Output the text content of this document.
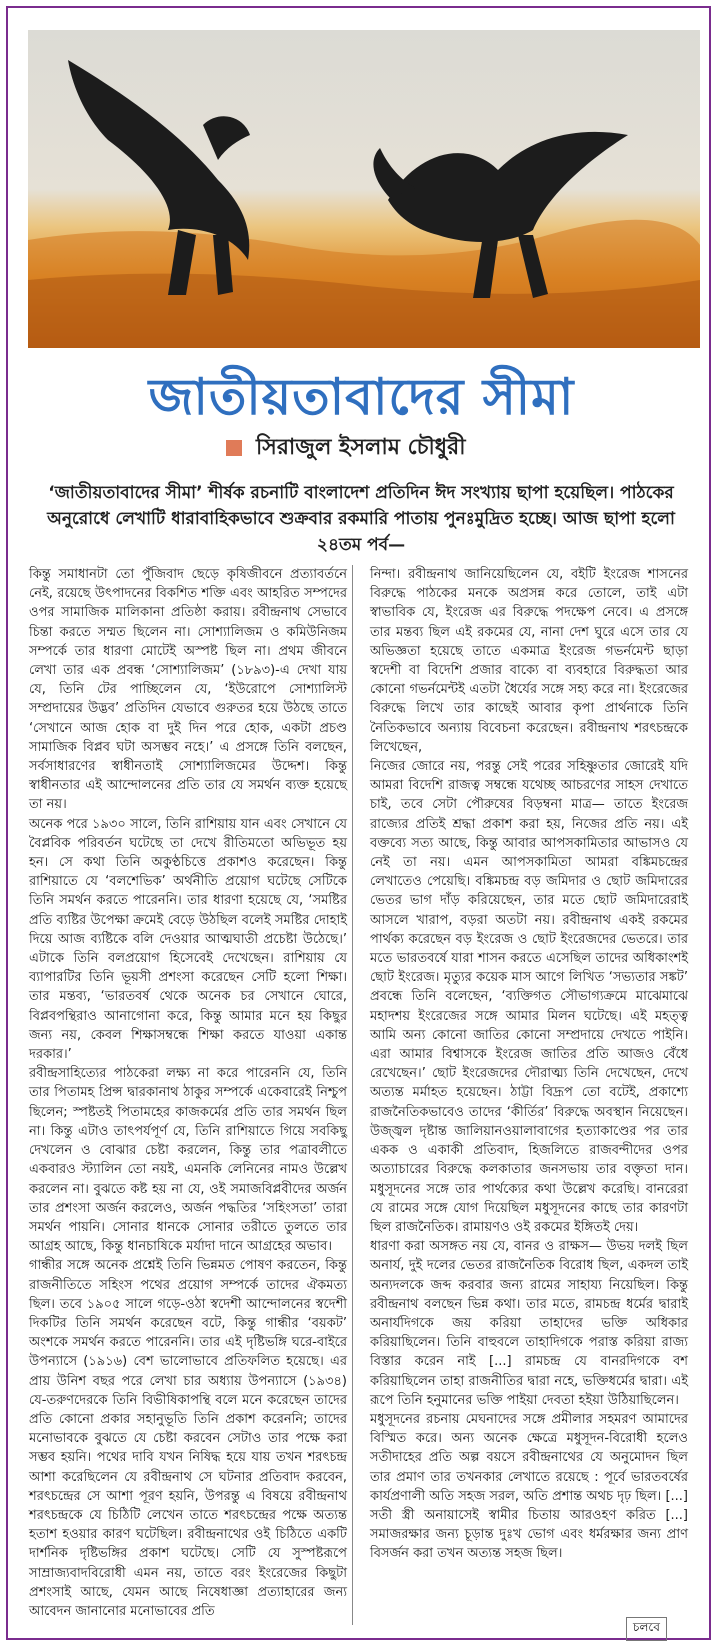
জাতীয়তাবাদের সীমা
সিরাজুল ইসলাম চৌধুরী
‘জাতীয়তাবাদের সীমা’ শীর্ষক রচনাটি বাংলাদেশ প্রতিদিন ঈদ সংখ্যায় ছাপা হয়েছিল। পাঠকের অনুরোধে লেখাটি ধারাবাহিকভাবে শুক্রবার রকমারি পাতায় পুনঃমুদ্রিত হচ্ছে। আজ ছাপা হলো ২৪তম পর্ব—

কিন্তু সমাধানটা তো পুঁজিবাদ ছেড়ে কৃষিজীবনে প্রত্যাবর্তনে নেই, রয়েছে উৎপাদনের বিকশিত শক্তি এবং আহরিত সম্পদের ওপর সামাজিক মালিকানা প্রতিষ্ঠা করায়। রবীন্দ্রনাথ সেভাবে চিন্তা করতে সম্মত ছিলেন না। সোশ্যালিজম ও কমিউনিজম সম্পর্কে তার ধারণা মোটেই অস্পষ্ট ছিল না। প্রথম জীবনে লেখা তার এক প্রবন্ধ ‘সোশ্যালিজম’ (১৮৯৩)-এ দেখা যায় যে, তিনি টের পাচ্ছিলেন যে, ‘ইউরোপে সোশ্যালিস্ট সম্প্রদায়ের উদ্ভব’ প্রতিদিন যেভাবে গুরুতর হয়ে উঠছে তাতে ‘সেখানে আজ হোক বা দুই দিন পরে হোক, একটা প্রচণ্ড সামাজিক বিপ্লব ঘটা অসম্ভব নহে।’ এ প্রসঙ্গে তিনি বলছেন, সর্বসাধারণের স্বাধীনতাই সোশ্যালিজমের উদ্দেশ। কিন্তু স্বাধীনতার এই আন্দোলনের প্রতি তার যে সমর্থন ব্যক্ত হয়েছে তা নয়।

অনেক পরে ১৯৩০ সালে, তিনি রাশিয়ায় যান এবং সেখানে যে বৈপ্লবিক পরিবর্তন ঘটেছে তা দেখে রীতিমতো অভিভূত হয় হন। সে কথা তিনি অকুণ্ঠচিত্তে প্রকাশও করেছেন। কিন্তু রাশিয়াতে যে ‘বলশেভিক’ অর্থনীতি প্রয়োগ ঘটেছে সেটিকে তিনি সমর্থন করতে পারেননি। তার ধারণা হয়েছে যে, ‘সমষ্টির প্রতি ব্যষ্টির উপেক্ষা ক্রমেই বেড়ে উঠছিল বলেই সমষ্টির দোহাই দিয়ে আজ ব্যষ্টিকে বলি দেওয়ার আত্মঘাতী প্রচেষ্টা উঠেছে।’ এটাকে তিনি বলপ্রয়োগ হিসেবেই দেখেছেন। রাশিয়ায় যে ব্যাপারটির তিনি ভূয়সী প্রশংসা করেছেন সেটি হলো শিক্ষা। তার মন্তব্য, ‘ভারতবর্ষ থেকে অনেক চর সেখানে ঘোরে, বিপ্লবপন্থিরাও আনাগোনা করে, কিন্তু আমার মনে হয় কিছুর জন্য নয়, কেবল শিক্ষাসম্বন্ধে শিক্ষা করতে যাওয়া একান্ত দরকার।’

রবীন্দ্রসাহিত্যের পাঠকেরা লক্ষ্য না করে পারেননি যে, তিনি তার পিতামহ প্রিন্স দ্বারকানাথ ঠাকুর সম্পর্কে একেবারেই নিশ্চুপ ছিলেন; স্পষ্টতই পিতামহের কাজকর্মের প্রতি তার সমর্থন ছিল না। কিন্তু এটাও তাৎপর্যপূর্ণ যে, তিনি রাশিয়াতে গিয়ে সবকিছু দেখলেন ও বোঝার চেষ্টা করলেন, কিন্তু তার পত্রাবলীতে একবারও স্ট্যালিন তো নয়ই, এমনকি লেনিনের নামও উল্লেখ করলেন না। বুঝতে কষ্ট হয় না যে, ওই সমাজবিপ্লবীদের অর্জন তার প্রশংসা অর্জন করলেও, অর্জন পদ্ধতির ‘সহিংসতা’ তারা সমর্থন পায়নি। সোনার ধানকে সোনার তরীতে তুলতে তার আগ্রহ আছে, কিন্তু ধানচাষিকে মর্যাদা দানে আগ্রহের অভাব।

গান্ধীর সঙ্গে অনেক প্রশ্নেই তিনি ভিন্নমত পোষণ করতেন, কিন্তু রাজনীতিতে সহিংস পথের প্রয়োগ সম্পর্কে তাদের ঐকমত্য ছিল। তবে ১৯০৫ সালে গড়ে-ওঠা স্বদেশী আন্দোলনের স্বদেশী দিকটির তিনি সমর্থন করেছেন বটে, কিন্তু গান্ধীর ‘বয়কট’ অংশকে সমর্থন করতে পারেননি। তার এই দৃষ্টিভঙ্গি ঘরে-বাইরে উপন্যাসে (১৯১৬) বেশ ভালোভাবে প্রতিফলিত হয়েছে। এর প্রায় উনিশ বছর পরে লেখা চার অধ্যায় উপন্যাসে (১৯৩৪) যে-তরুণদেরকে তিনি বিভীষিকাপন্থি বলে মনে করেছেন তাদের প্রতি কোনো প্রকার সহানুভূতি তিনি প্রকাশ করেননি; তাদের মনোভাবকে বুঝতে যে চেষ্টা করবেন সেটাও তার পক্ষে করা সম্ভব হয়নি। পথের দাবি যখন নিষিদ্ধ হয়ে যায় তখন শরৎচন্দ্র আশা করেছিলেন যে রবীন্দ্রনাথ সে ঘটনার প্রতিবাদ করবেন, শরৎচন্দ্রের সে আশা পূরণ হয়নি, উপরন্তু এ বিষয়ে রবীন্দ্রনাথ শরৎচন্দ্রকে যে চিঠিটি লেখেন তাতে শরৎচন্দ্রের পক্ষে অত্যন্ত হতাশ হওয়ার কারণ ঘটেছিল। রবীন্দ্রনাথের ওই চিঠিতে একটি দার্শনিক দৃষ্টিভঙ্গির প্রকাশ ঘটেছে। সেটি যে সুস্পষ্টরূপে সাম্রাজ্যবাদবিরোধী এমন নয়, তাতে বরং ইংরেজের কিছুটা প্রশংসাই আছে, যেমন আছে নিষেধাজ্ঞা প্রত্যাহারের জন্য আবেদন জানানোর মনোভাবের প্রতি

নিন্দা। রবীন্দ্রনাথ জানিয়েছিলেন যে, বইটি ইংরেজ শাসনের বিরুদ্ধে পাঠকের মনকে অপ্রসন্ন করে তোলে, তাই এটা স্বাভাবিক যে, ইংরেজ এর বিরুদ্ধে পদক্ষেপ নেবে। এ প্রসঙ্গে তার মন্তব্য ছিল এই রকমের যে, নানা দেশ ঘুরে এসে তার যে অভিজ্ঞতা হয়েছে তাতে একমাত্র ইংরেজ গভর্নমেন্ট ছাড়া স্বদেশী বা বিদেশি প্রজার বাক্যে বা ব্যবহারে বিরুদ্ধতা আর কোনো গভর্নমেন্টই এতটা ধৈর্যের সঙ্গে সহ্য করে না। ইংরেজের বিরুদ্ধে লিখে তার কাছেই আবার কৃপা প্রার্থনাকে তিনি নৈতিকভাবে অন্যায় বিবেচনা করেছেন। রবীন্দ্রনাথ শরৎচন্দ্রকে লিখেছেন,

নিজের জোরে নয়, পরন্তু সেই পরের সহিষ্ণুতার জোরেই যদি আমরা বিদেশি রাজত্ব সম্বন্ধে যথেচ্ছ আচরণের সাহস দেখাতে চাই, তবে সেটা পৌরুষের বিড়ম্বনা মাত্র— তাতে ইংরেজ রাজ্যের প্রতিই শ্রদ্ধা প্রকাশ করা হয়, নিজের প্রতি নয়। এই বক্তব্যে সত্য আছে, কিন্তু আবার আপসকামিতার আভাসও যে নেই তা নয়। এমন আপসকামিতা আমরা বঙ্কিমচন্দ্রের লেখাতেও পেয়েছি। বঙ্কিমচন্দ্র বড় জমিদার ও ছোট জমিদারের ভেতর ভাগ দাঁড় করিয়েছেন, তার মতে ছোট জমিদারেরাই আসলে খারাপ, বড়রা অতটা নয়। রবীন্দ্রনাথ একই রকমের পার্থক্য করেছেন বড় ইংরেজ ও ছোট ইংরেজদের ভেতরে। তার মতে ভারতবর্ষে যারা শাসন করতে এসেছিল তাদের অধিকাংশই ছোট ইংরেজ। মৃত্যুর কয়েক মাস আগে লিখিত ‘সভ্যতার সঙ্কট’ প্রবন্ধে তিনি বলেছেন, ‘ব্যক্তিগত সৌভাগ্যক্রমে মাঝেমাঝে মহাদশয় ইংরেজের সঙ্গে আমার মিলন ঘটেছে। এই মহত্ত্ব আমি অন্য কোনো জাতির কোনো সম্প্রদায়ে দেখতে পাইনি। এরা আমার বিশ্বাসকে ইংরেজ জাতির প্রতি আজও বেঁধে রেখেছেন।’ ছোট ইংরেজদের দৌরাত্ম্য তিনি দেখেছেন, দেখে অত্যন্ত মর্মাহত হয়েছেন। ঠাট্টা বিদ্রূপ তো বটেই, প্রকাশ্যে রাজনৈতিকভাবেও তাদের ‘কীর্তির’ বিরুদ্ধে অবস্থান নিয়েছেন। উজ্জ্বল দৃষ্টান্ত জালিয়ানওয়ালাবাগের হত্যাকাণ্ডের পর তার একক ও একাকী প্রতিবাদ, হিজলিতে রাজবন্দীদের ওপর অত্যাচারের বিরুদ্ধে কলকাতার জনসভায় তার বক্তৃতা দান। মধুসূদনের সঙ্গে তার পার্থক্যের কথা উল্লেখ করেছি। বানরেরা যে রামের সঙ্গে যোগ দিয়েছিল মধুসূদনের কাছে তার কারণটা ছিল রাজনৈতিক। রামায়ণও ওই রকমের ইঙ্গিতই দেয়।

ধারণা করা অসঙ্গত নয় যে, বানর ও রাক্ষস— উভয় দলই ছিল অনার্য, দুই দলের ভেতর রাজনৈতিক বিরোধ ছিল, একদল তাই অন্যদলকে জব্দ করবার জন্য রামের সাহায্য নিয়েছিল। কিন্তু রবীন্দ্রনাথ বলছেন ভিন্ন কথা। তার মতে, রামচন্দ্র ধর্মের দ্বারাই অনার্যদিগকে জয় করিয়া তাহাদের ভক্তি অধিকার করিয়াছিলেন। তিনি বাহুবলে তাহাদিগকে পরাস্ত করিয়া রাজ্য বিস্তার করেন নাই [...] রামচন্দ্র যে বানরদিগকে বশ করিয়াছিলেন তাহা রাজনীতির দ্বারা নহে, ভক্তিধর্মের দ্বারা। এই রূপে তিনি হনুমানের ভক্তি পাইয়া দেবতা হইয়া উঠিয়াছিলেন।

মধুসূদনের রচনায় মেঘনাদের সঙ্গে প্রমীলার সহমরণ আমাদের বিস্মিত করে। অন্য অনেক ক্ষেত্রে মধুসূদন-বিরোধী হলেও সতীদাহের প্রতি অল্প বয়সে রবীন্দ্রনাথের যে অনুমোদন ছিল তার প্রমাণ তার তখনকার লেখাতে রয়েছে : পূর্বে ভারতবর্ষের কার্যপ্রণালী অতি সহজ সরল, অতি প্রশান্ত অথচ দৃঢ় ছিল। [...] সতী স্ত্রী অনায়াসেই স্বামীর চিতায় আরওহণ করিত [...] সমাজরক্ষার জন্য চূড়ান্ত দুঃখ ভোগ এবং ধর্মরক্ষার জন্য প্রাণ বিসর্জন করা তখন অত্যন্ত সহজ ছিল।

চলবে
